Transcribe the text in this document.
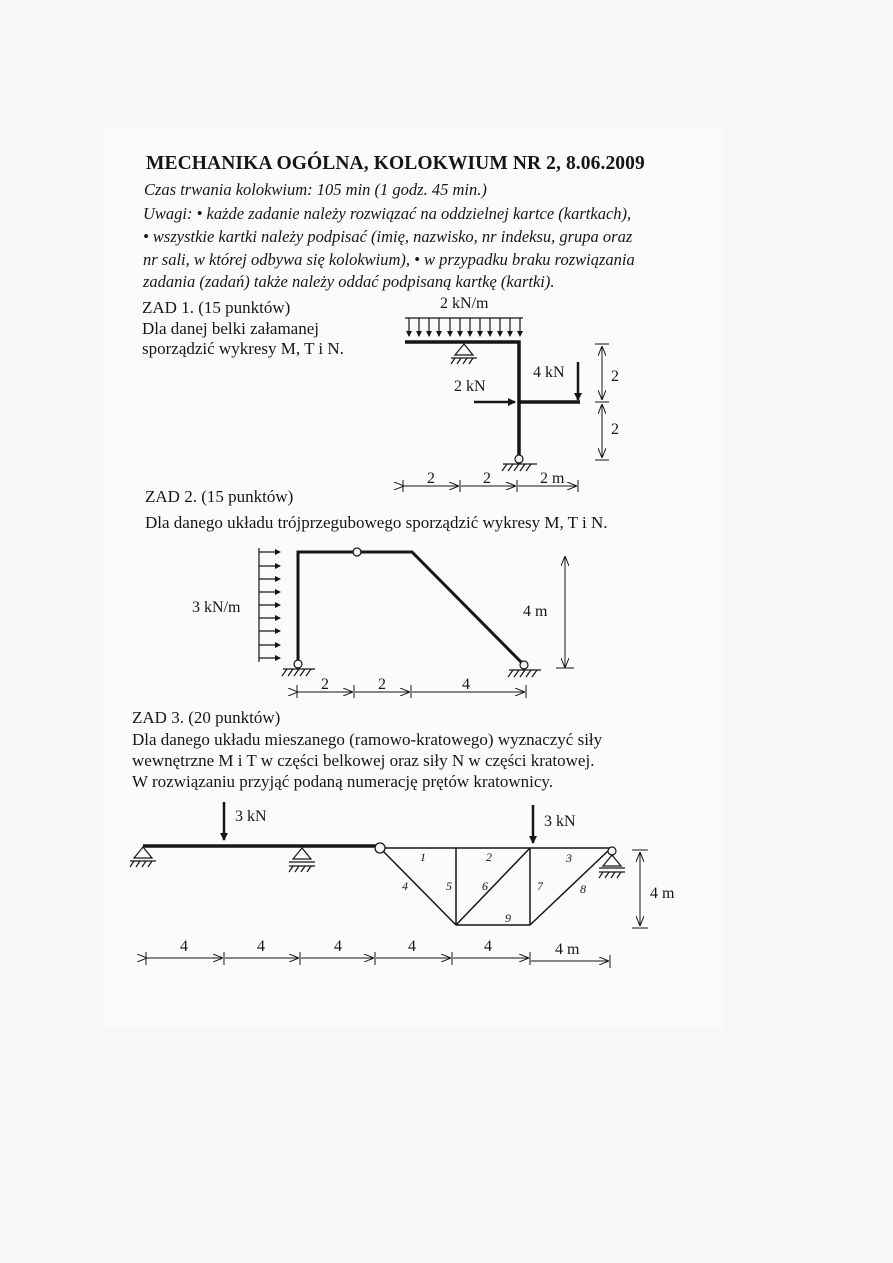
MECHANIKA OGÓLNA, KOLOKWIUM NR 2, 8.06.2009
Czas trwania kolokwium: 105 min (1 godz. 45 min.)
Uwagi: • każde zadanie należy rozwiązać na oddzielnej kartce (kartkach),
• wszystkie kartki należy podpisać (imię, nazwisko, nr indeksu, grupa oraz
nr sali, w której odbywa się kolokwium), • w przypadku braku rozwiązania
zadania (zadań) także należy oddać podpisaną kartkę (kartki).
ZAD 1. (15 punktów)
Dla danej belki załamanej
sporządzić wykresy M, T i N.
ZAD 2. (15 punktów)
Dla danego układu trójprzegubowego sporządzić wykresy M, T i N.
ZAD 3. (20 punktów)
Dla danego układu mieszanego (ramowo-kratowego) wyznaczyć siły
wewnętrzne M i T w części belkowej oraz siły N w części kratowej.
W rozwiązaniu przyjąć podaną numerację prętów kratownicy.
2 kN/m
4 kN
2 kN
2
2
2	2	2 m
3 kN/m	4 m
2	2	4
3 kN	3 kN
4 m
4	4	4	4	4	4 m
1	2	3
4	5	6	7	8
9
